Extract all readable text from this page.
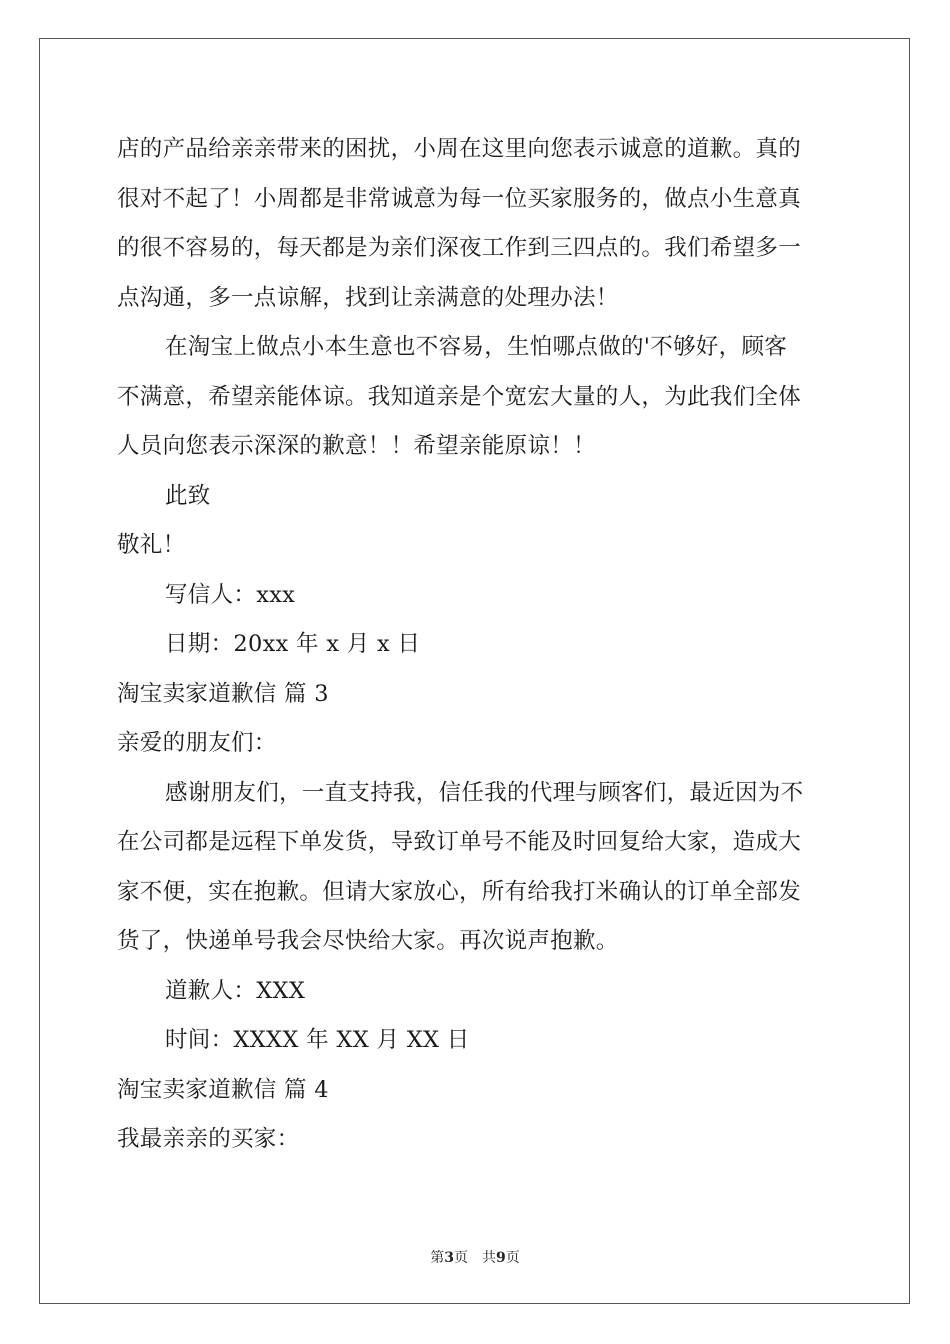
店的产品给亲亲带来的困扰，小周在这里向您表示诚意的道歉。真的
很对不起了！小周都是非常诚意为每一位买家服务的，做点小生意真
的很不容易的，每天都是为亲们深夜工作到三四点的。我们希望多一
点沟通，多一点谅解，找到让亲满意的处理办法！
在淘宝上做点小本生意也不容易，生怕哪点做的'不够好，顾客
不满意，希望亲能体谅。我知道亲是个宽宏大量的人，为此我们全体
人员向您表示深深的歉意！！希望亲能原谅！！
此致
敬礼！
写信人：xxx
日期：20xx 年 x 月 x 日
淘宝卖家道歉信 篇 3
亲爱的朋友们：
感谢朋友们，一直支持我，信任我的代理与顾客们，最近因为不
在公司都是远程下单发货，导致订单号不能及时回复给大家，造成大
家不便，实在抱歉。但请大家放心，所有给我打米确认的订单全部发
货了，快递单号我会尽快给大家。再次说声抱歉。
道歉人：XXX
时间：XXXX 年 XX 月 XX 日
淘宝卖家道歉信 篇 4
我最亲亲的买家：
第3页　共9页
